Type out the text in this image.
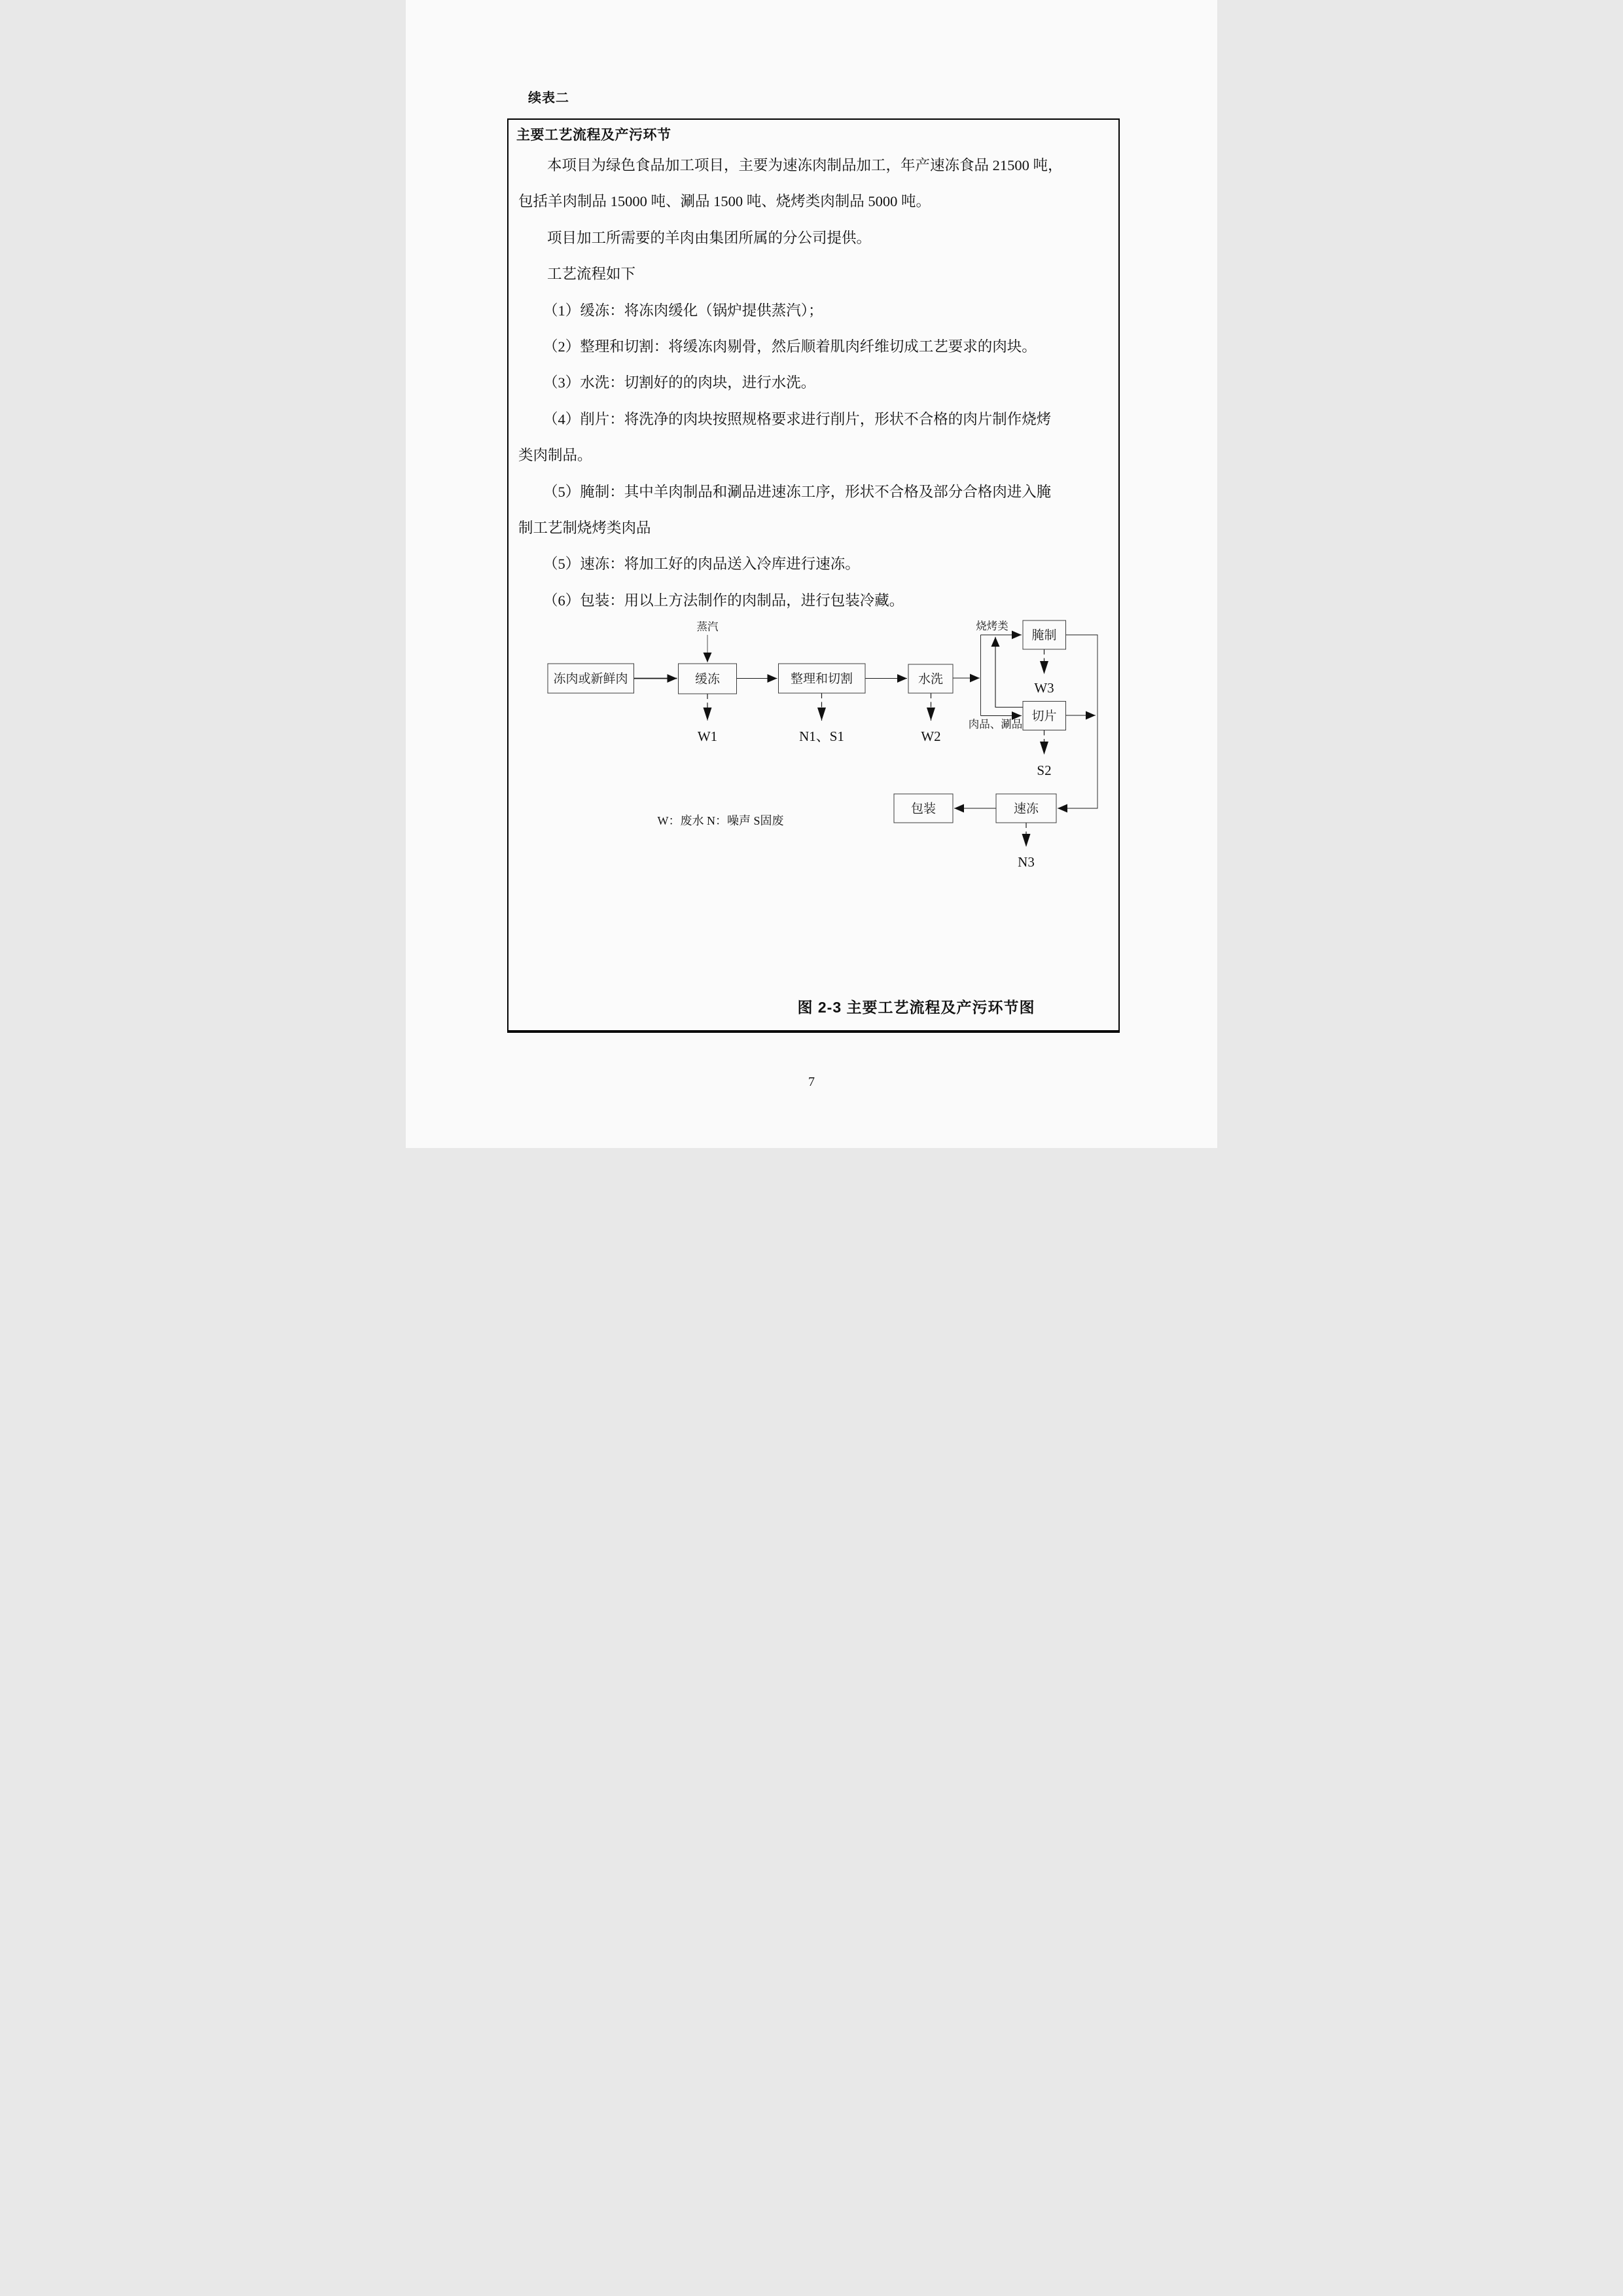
续表二
主要工艺流程及产污环节
本项目为绿色食品加工项目，主要为速冻肉制品加工，年产速冻食品 21500 吨，
包括羊肉制品 15000 吨、涮品 1500 吨、烧烤类肉制品 5000 吨。
项目加工所需要的羊肉由集团所属的分公司提供。
工艺流程如下
（1）缓冻：将冻肉缓化（锅炉提供蒸汽）；
（2）整理和切割：将缓冻肉剔骨，然后顺着肌肉纤维切成工艺要求的肉块。
（3）水洗：切割好的的肉块，进行水洗。
（4）削片：将洗净的肉块按照规格要求进行削片，形状不合格的肉片制作烧烤
类肉制品。
（5）腌制：其中羊肉制品和涮品进速冻工序，形状不合格及部分合格肉进入腌
制工艺制烧烤类肉品
（5）速冻：将加工好的肉品送入冷库进行速冻。
（6）包装：用以上方法制作的肉制品，进行包装冷藏。
蒸汽
冻肉或新鲜肉	缓冻	整理和切割	水洗
腌制
切片
包装	速冻
烧烤类
肉品、涮品
W1	N1、S1	W2
W3
S2
N3
W：废水 N：噪声 S固废
图 2-3 主要工艺流程及产污环节图
7
